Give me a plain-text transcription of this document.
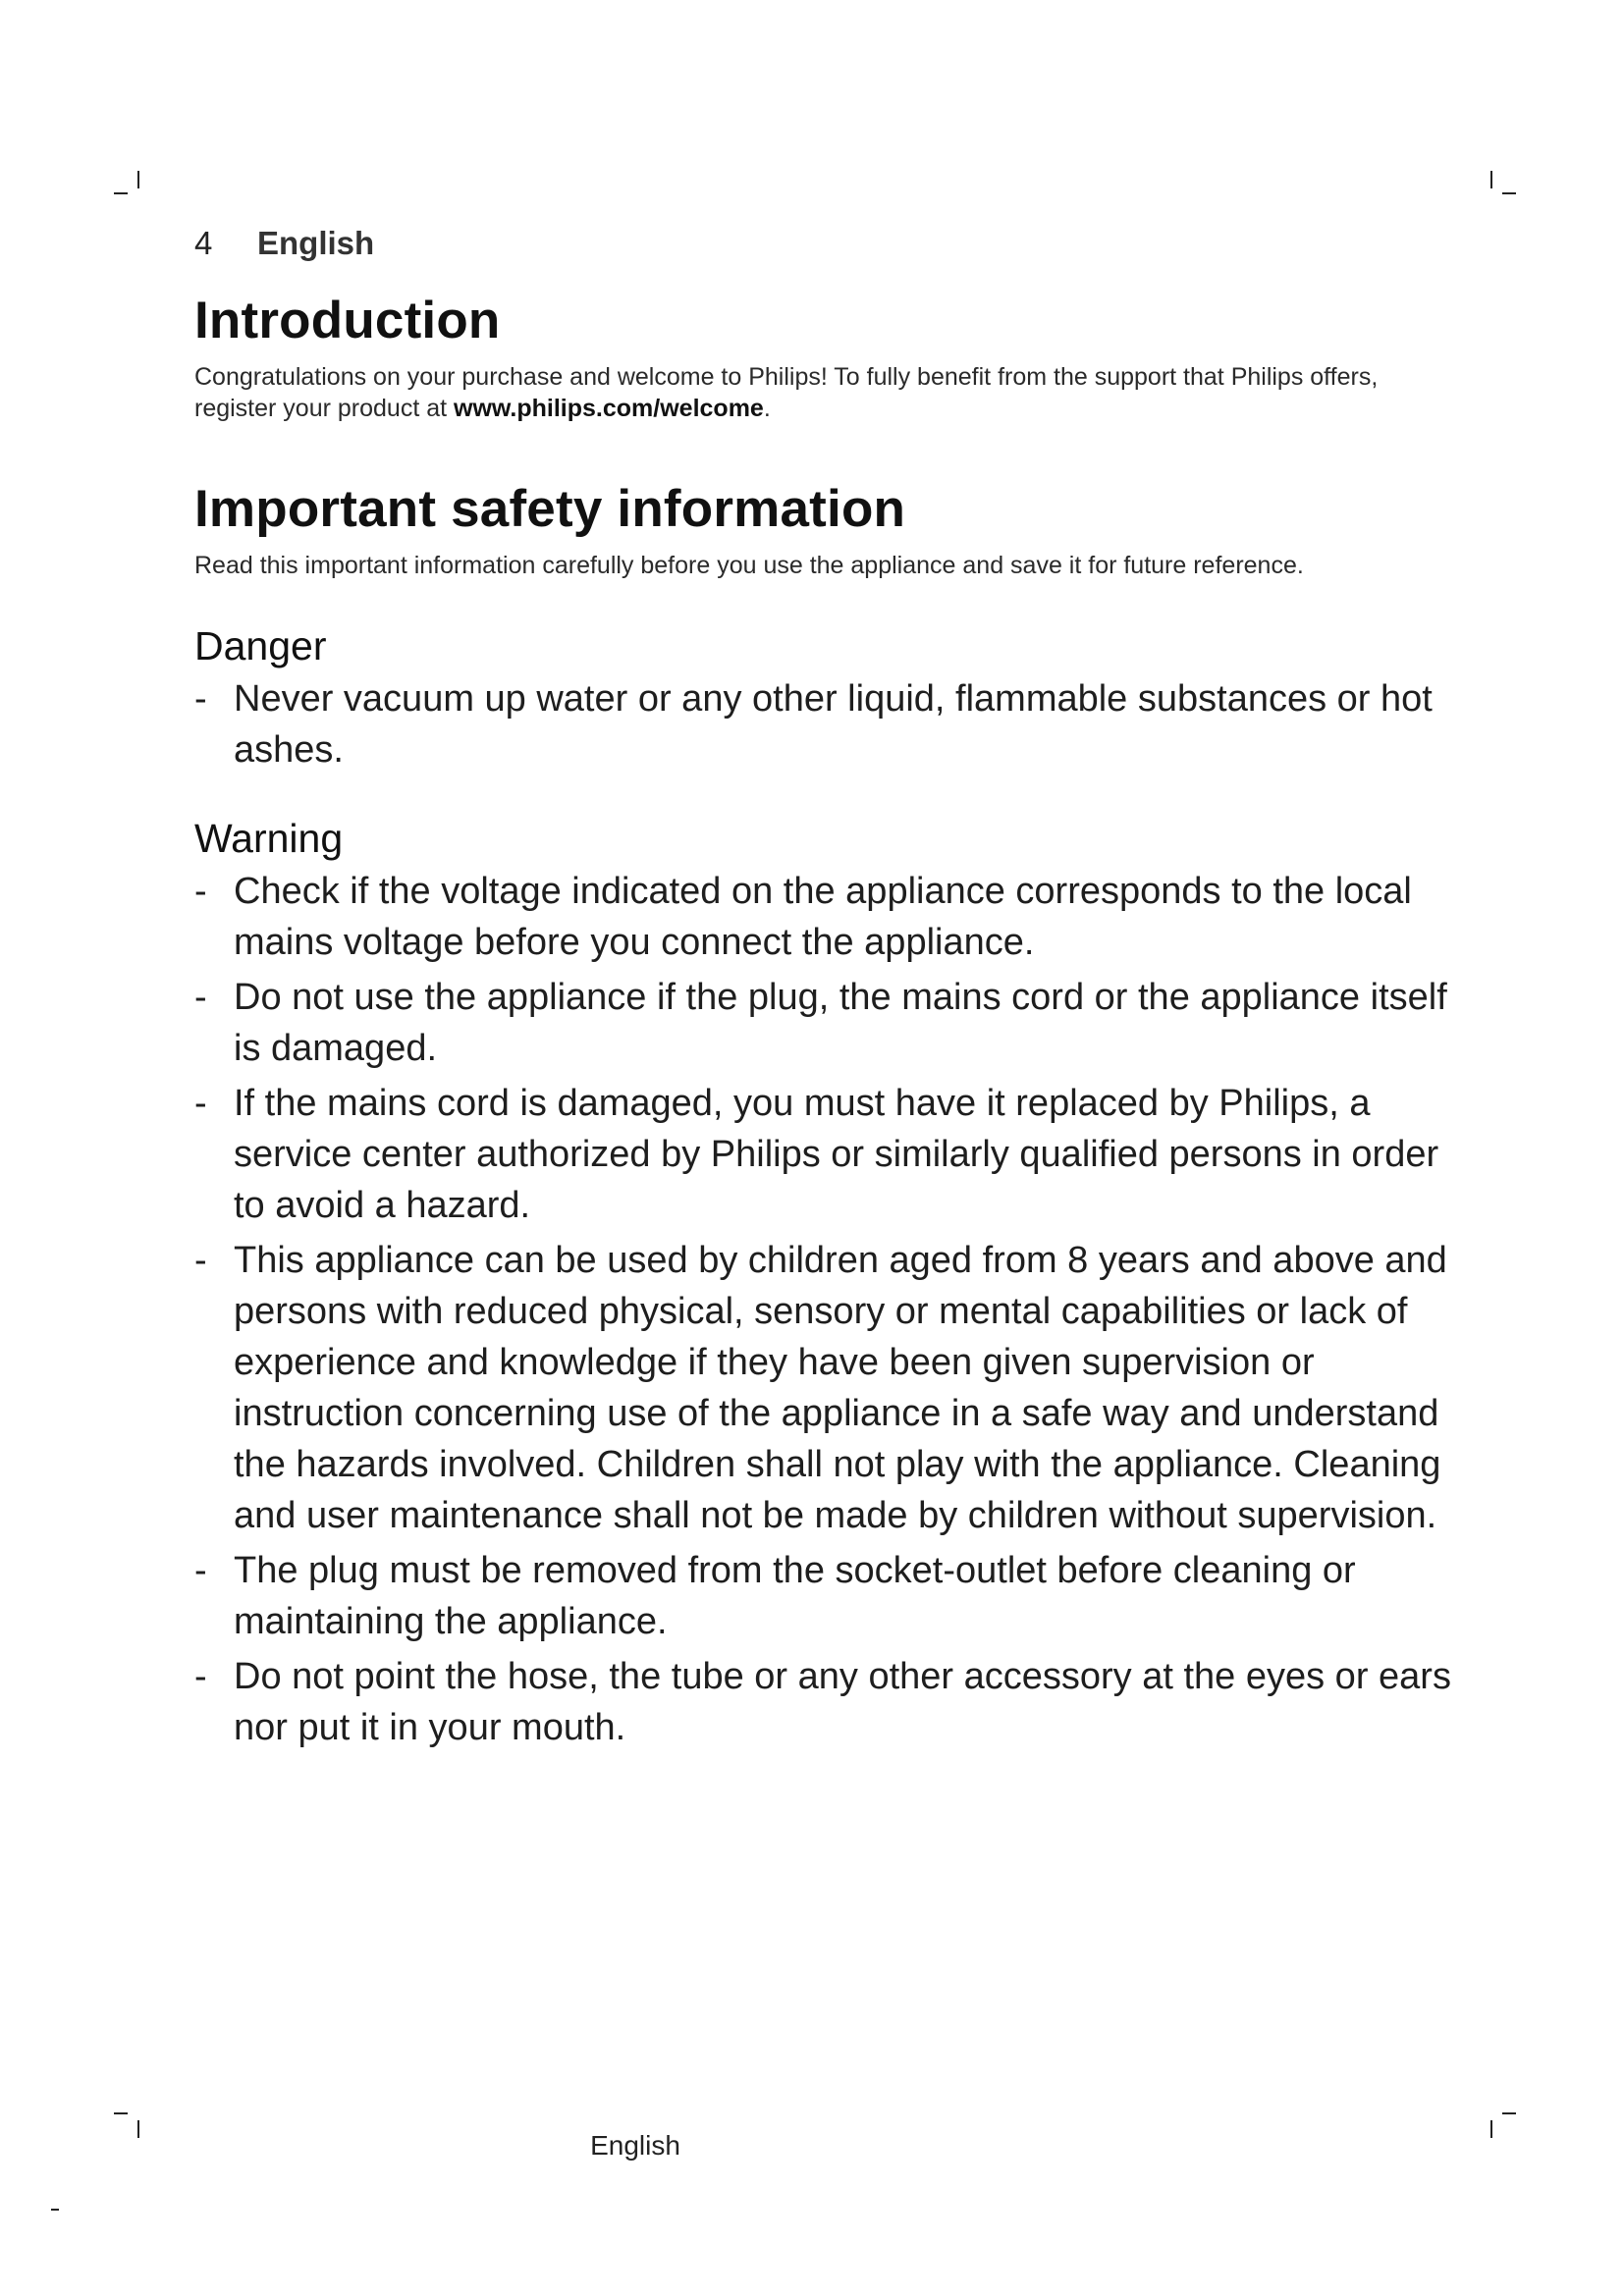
4 English
Introduction

Congratulations on your purchase and welcome to Philips! To fully benefit from the support that Philips offers, register your product at www.philips.com/welcome.

Important safety information

Read this important information carefully before you use the appliance and save it for future reference.

Danger
- Never vacuum up water or any other liquid, flammable substances or hot ashes.
Warning
- Check if the voltage indicated on the appliance corresponds to the local mains voltage before you connect the appliance.
- Do not use the appliance if the plug, the mains cord or the appliance itself is damaged.
- If the mains cord is damaged, you must have it replaced by Philips, a service center authorized by Philips or similarly qualified persons in order to avoid a hazard.
- This appliance can be used by children aged from 8 years and above and persons with reduced physical, sensory or mental capabilities or lack of experience and knowledge if they have been given supervision or instruction concerning use of the appliance in a safe way and understand the hazards involved. Children shall not play with the appliance. Cleaning and user maintenance shall not be made by children without supervision.
- The plug must be removed from the socket-outlet before cleaning or maintaining the appliance.
- Do not point the hose, the tube or any other accessory at the eyes or ears nor put it in your mouth.
English
